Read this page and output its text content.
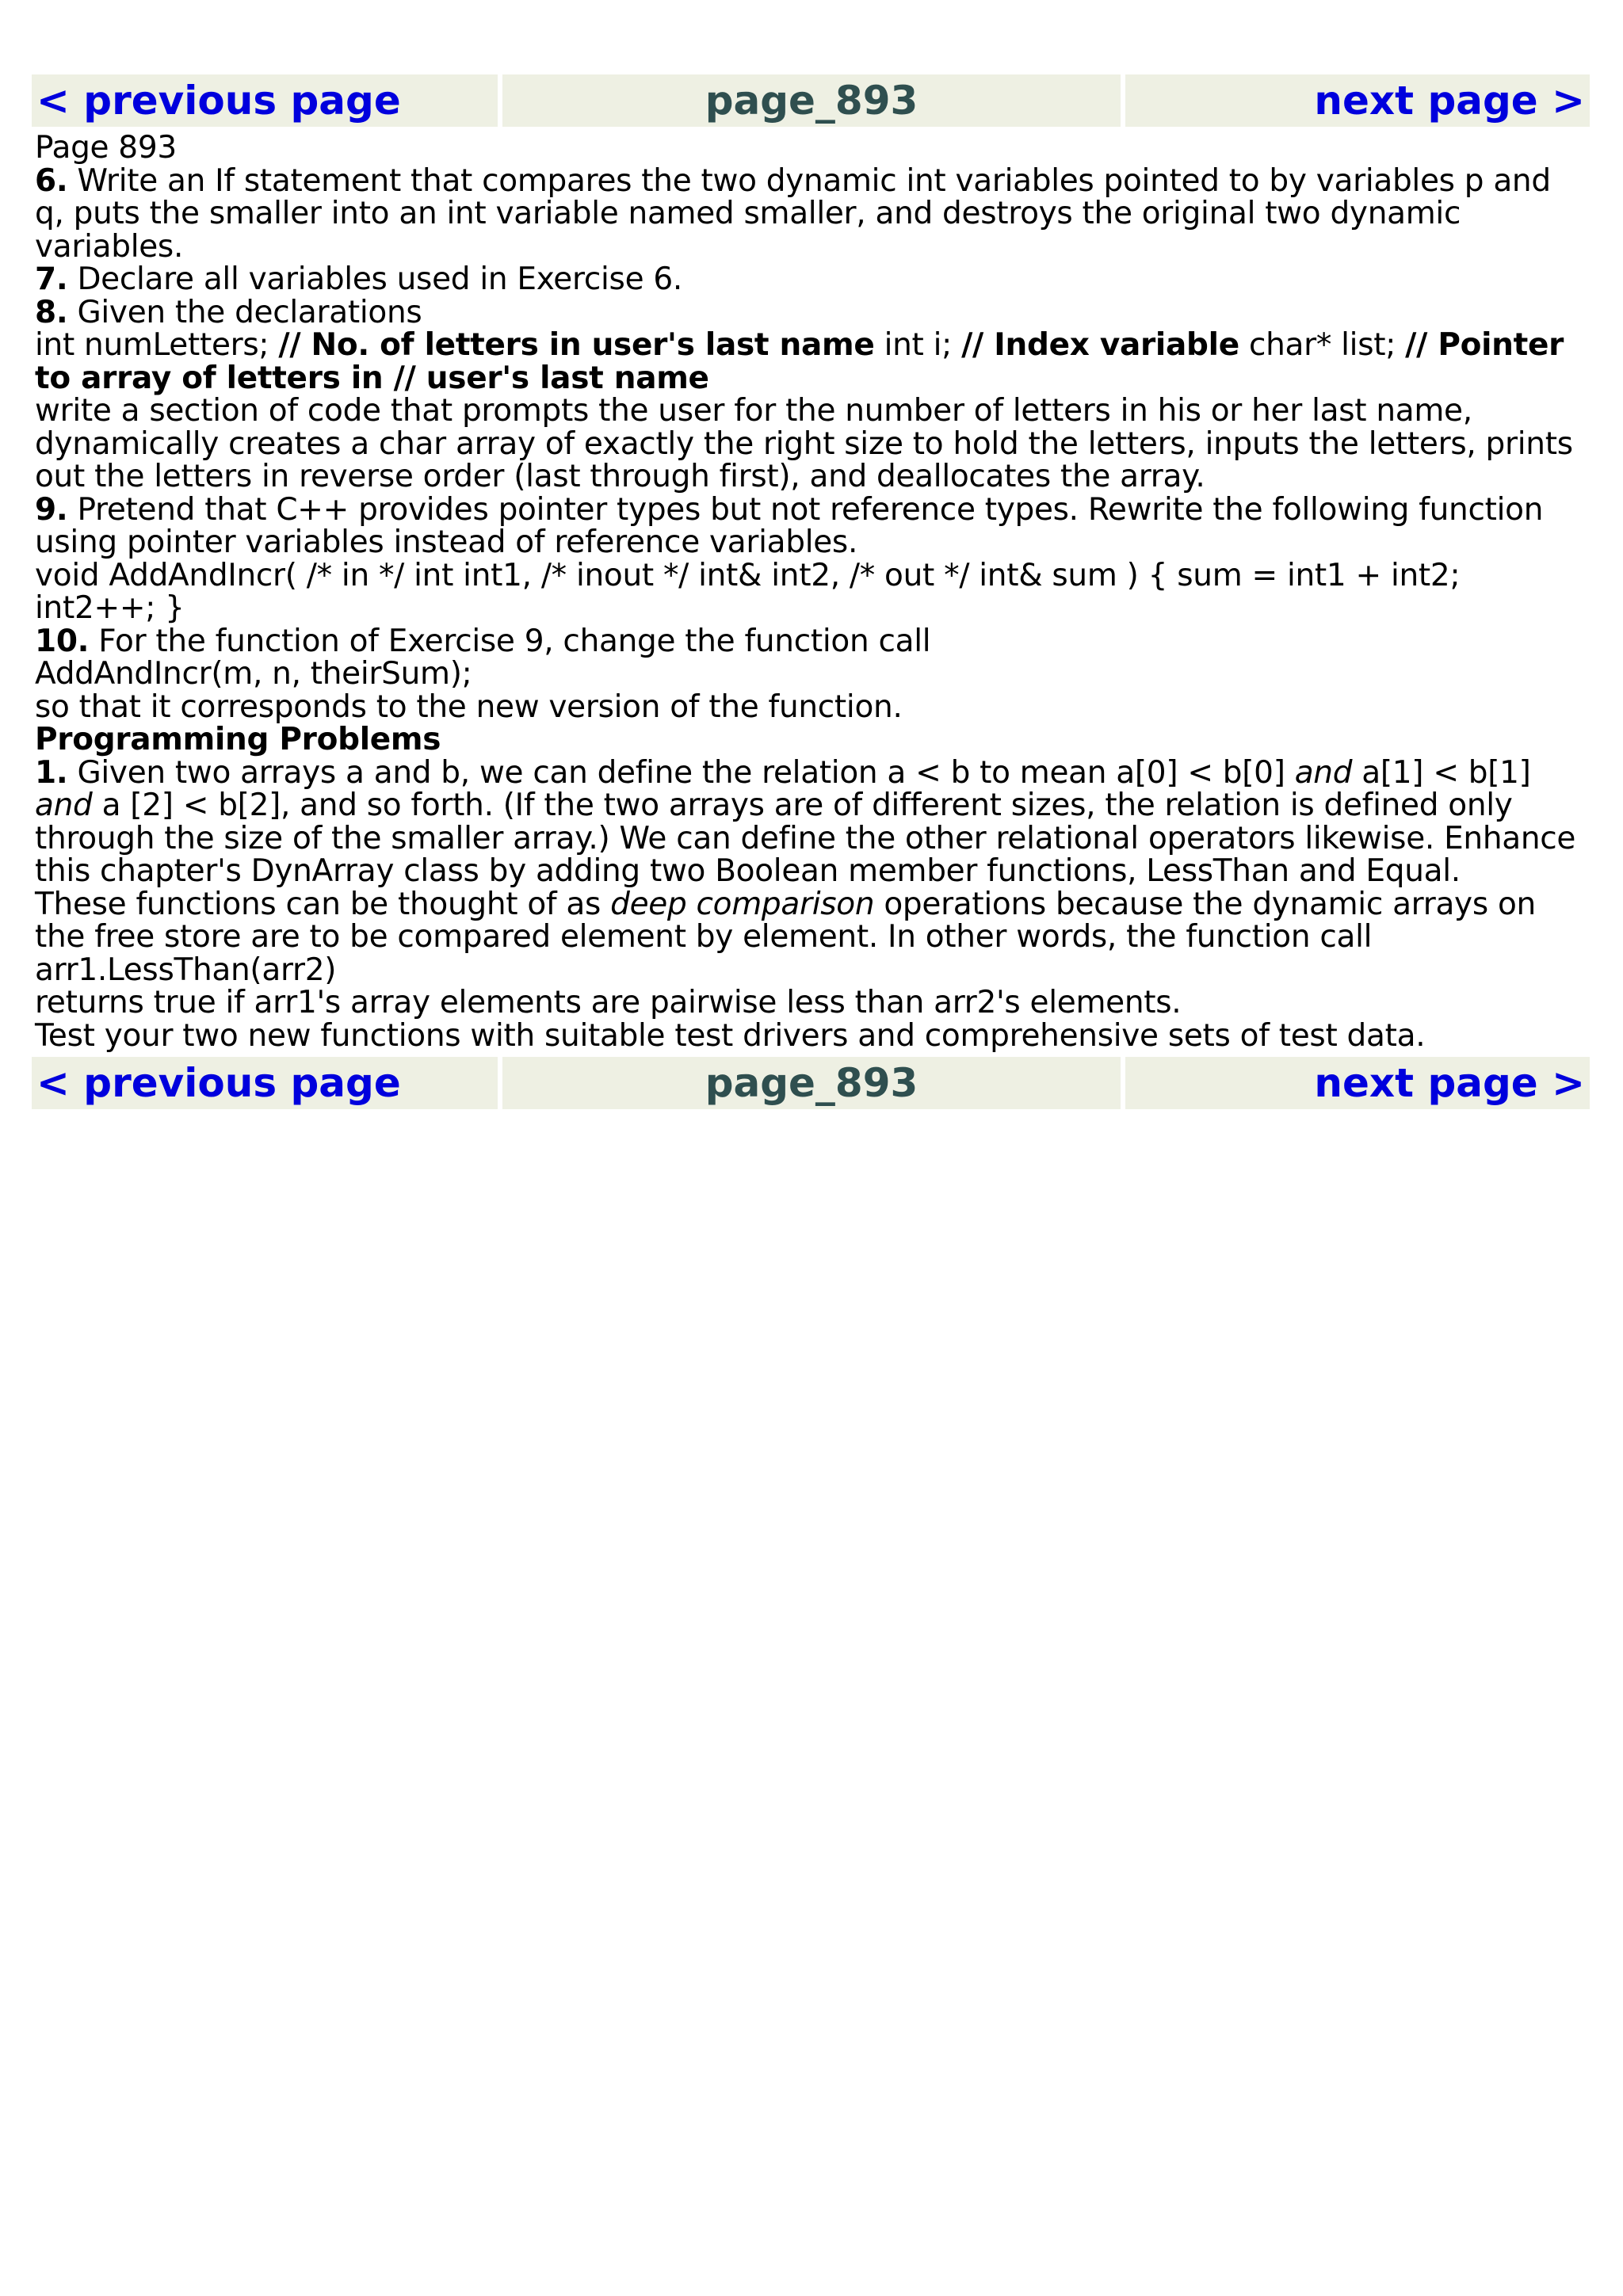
< previous page	page_893	next page >

Page 893

6. Write an If statement that compares the two dynamic int variables pointed to by variables p and q, puts the smaller into an int variable named smaller, and destroys the original two dynamic variables.

7. Declare all variables used in Exercise 6.

8. Given the declarations

int numLetters; // No. of letters in user's last name int i; // Index variable char* list; // Pointer to array of letters in // user's last name

write a section of code that prompts the user for the number of letters in his or her last name, dynamically creates a char array of exactly the right size to hold the letters, inputs the letters, prints out the letters in reverse order (last through first), and deallocates the array.

9. Pretend that C++ provides pointer types but not reference types. Rewrite the following function using pointer variables instead of reference variables.

void AddAndIncr( /* in */ int int1, /* inout */ int& int2, /* out */ int& sum ) { sum = int1 + int2; int2++; }

10. For the function of Exercise 9, change the function call

AddAndIncr(m, n, theirSum);

so that it corresponds to the new version of the function.

Programming Problems

1. Given two arrays a and b, we can define the relation a < b to mean a[0] < b[0] and a[1] < b[1] and a [2] < b[2], and so forth. (If the two arrays are of different sizes, the relation is defined only through the size of the smaller array.) We can define the other relational operators likewise. Enhance this chapter's DynArray class by adding two Boolean member functions, LessThan and Equal.

These functions can be thought of as deep comparison operations because the dynamic arrays on the free store are to be compared element by element. In other words, the function call

arr1.LessThan(arr2)

returns true if arr1's array elements are pairwise less than arr2's elements.

Test your two new functions with suitable test drivers and comprehensive sets of test data.

< previous page	page_893	next page >
